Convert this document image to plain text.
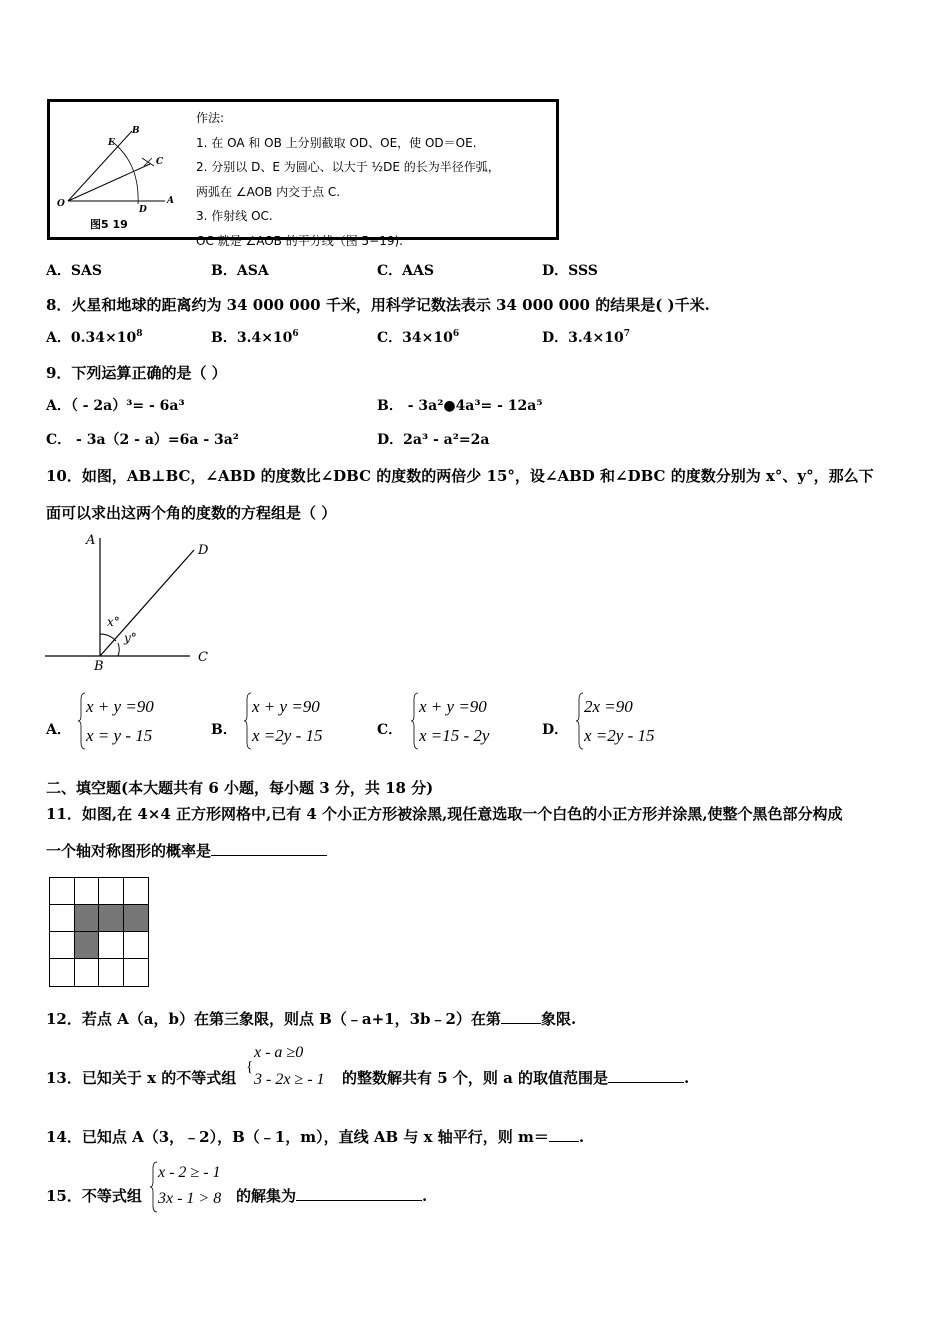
B
E
C
O
D
A
图5 19
作法:
1. 在 OA 和 OB 上分别截取 OD、OE，使 OD＝OE.
2. 分别以 D、E 为圆心、以大于 ½DE 的长为半径作弧，
两弧在 ∠AOB 内交于点 C.
3. 作射线 OC.
OC 就是 ∠AOB 的平分线（图 5−19).
A．SAS	B．ASA	C．AAS	D．SSS
8．火星和地球的距离约为 34 000 000 千米，用科学记数法表示 34 000 000 的结果是( )千米.
A．$0.34\times 10^8$	B．$3.4\times 10^6$	C．$34\times 10^6$	D．$3.4\times 10^7$
9．下列运算正确的是（ ）
A．（ - 2a）³= - 6a³	B． - 3a²●4a³= - 12a⁵
C． - 3a（2 - a）=6a - 3a²	D．2a³ - a²=2a
10．如图，AB⊥BC，∠ABD 的度数比∠DBC 的度数的两倍少 15°，设∠ABD 和∠DBC 的度数分别为 x°、y°，那么下
面可以求出这两个角的度数的方程组是（ ）
A
B
C
D
x°
y°
A．
x + y =90
x = y - 15	B．
x + y =90
x =2y - 15	C．
x + y =90
x =15 - 2y	D．
2x =90
x =2y - 15
二、填空题(本大题共有 6 小题，每小题 3 分，共 18 分)
11．如图,在 4×4 正方形网格中,已有 4 个小正方形被涂黑,现任意选取一个白色的小正方形并涂黑,使整个黑色部分构成
一个轴对称图形的概率是
12．若点 A（a，b）在第三象限，则点 B（﹣a+1，3b﹣2）在第	象限.
13．已知关于 x 的不等式组
{
x - a ≥0
3 - 2x ≥ - 1 的整数解共有 5 个，则 a 的取值范围是	.
14．已知点 A（3，﹣2），B（﹣1，m），直线 AB 与 x 轴平行，则 m＝ .
15．不等式组
x - 2 ≥ - 1
3x - 1 > 8 的解集为	.
